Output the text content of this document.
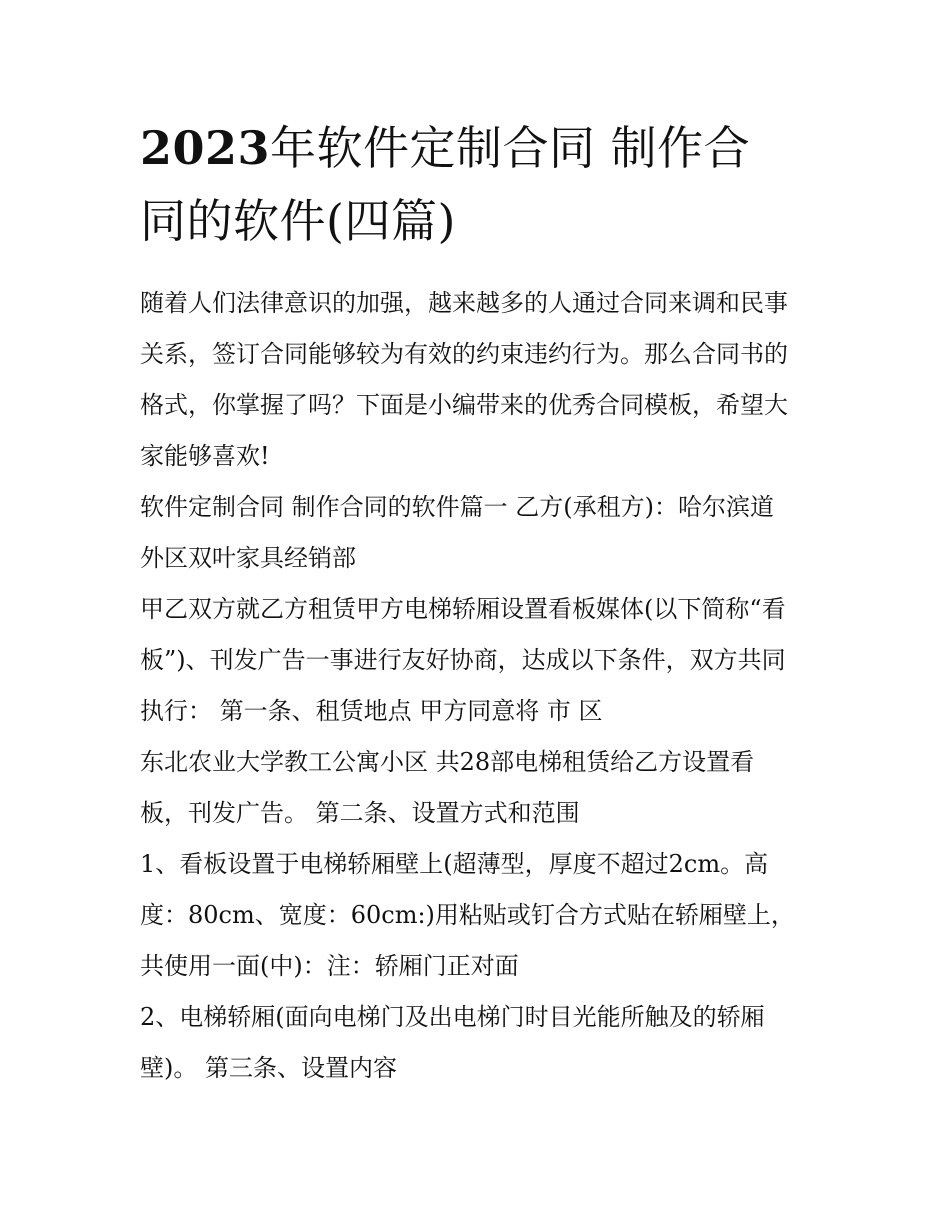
2023年软件定制合同 制作合
同的软件(四篇)
随着人们法律意识的加强，越来越多的人通过合同来调和民事
关系，签订合同能够较为有效的约束违约行为。那么合同书的
格式，你掌握了吗？下面是小编带来的优秀合同模板，希望大
家能够喜欢!
软件定制合同 制作合同的软件篇一 乙方(承租方)：哈尔滨道
外区双叶家具经销部
甲乙双方就乙方租赁甲方电梯轿厢设置看板媒体(以下简称“看
板”)、刊发广告一事进行友好协商，达成以下条件，双方共同
执行： 第一条、租赁地点 甲方同意将 市 区
东北农业大学教工公寓小区 共28部电梯租赁给乙方设置看
板，刊发广告。 第二条、设置方式和范围
1、看板设置于电梯轿厢壁上(超薄型，厚度不超过2cm。高
度：80cm、宽度：60cm:)用粘贴或钉合方式贴在轿厢壁上，
共使用一面(中)：注：轿厢门正对面
2、电梯轿厢(面向电梯门及出电梯门时目光能所触及的轿厢
壁)。 第三条、设置内容
